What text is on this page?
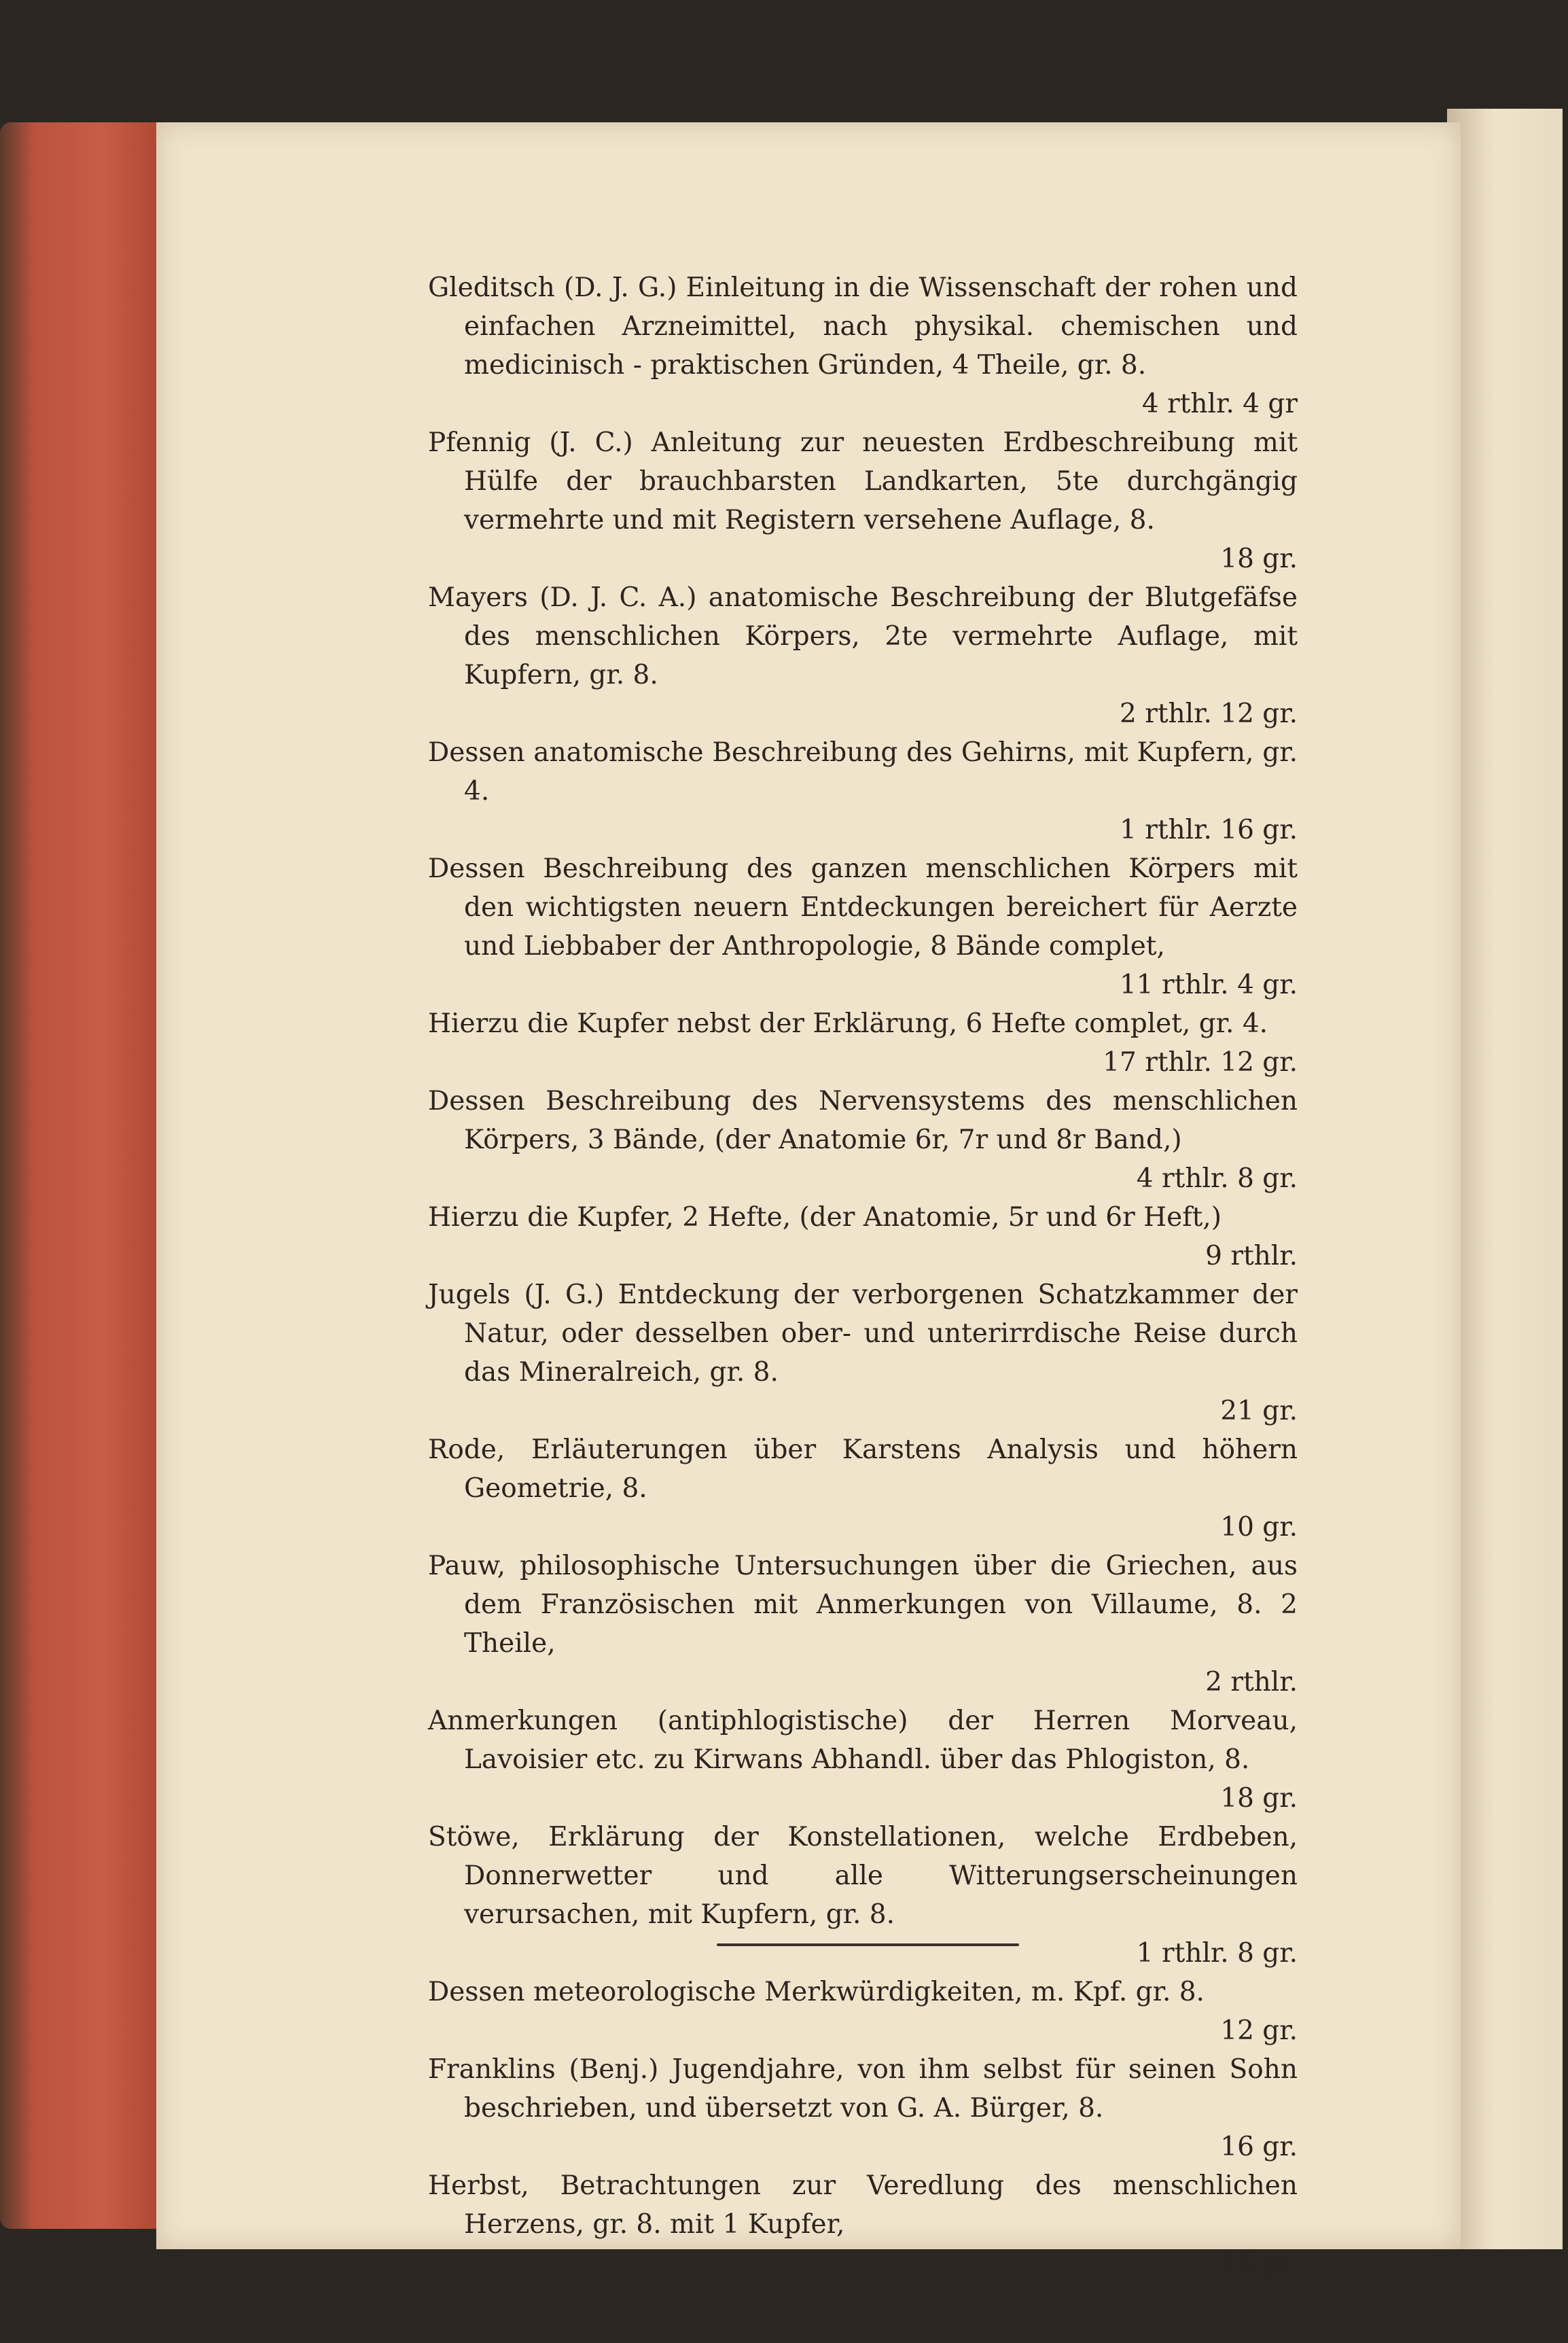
Gleditsch (D. J. G.) Einleitung in die Wissenschaft der rohen und einfachen Arzneimittel, nach physikal. chemischen und medicinisch - praktischen Gründen, 4 Theile, gr. 8.
4 rthlr. 4 gr
Pfennig (J. C.) Anleitung zur neuesten Erdbeschreibung mit Hülfe der brauchbarsten Landkarten, 5te durchgängig vermehrte und mit Registern versehene Auflage, 8.
18 gr.
Mayers (D. J. C. A.) anatomische Beschreibung der Blutgefäfse des menschlichen Körpers, 2te vermehrte Auflage, mit Kupfern, gr. 8.
2 rthlr. 12 gr.
Dessen anatomische Beschreibung des Gehirns, mit Kupfern, gr. 4.
1 rthlr. 16 gr.
Dessen Beschreibung des ganzen menschlichen Körpers mit den wichtigsten neuern Entdeckungen bereichert für Aerzte und Liebbaber der Anthropologie, 8 Bände complet,
11 rthlr. 4 gr.
Hierzu die Kupfer nebst der Erklärung, 6 Hefte complet, gr. 4.
17 rthlr. 12 gr.
Dessen Beschreibung des Nervensystems des menschlichen Körpers, 3 Bände, (der Anatomie 6r, 7r und 8r Band,)
4 rthlr. 8 gr.
Hierzu die Kupfer, 2 Hefte, (der Anatomie, 5r und 6r Heft,)
9 rthlr.
Jugels (J. G.) Entdeckung der verborgenen Schatzkammer der Natur, oder desselben ober- und unterirrdische Reise durch das Mineralreich, gr. 8.
21 gr.
Rode, Erläuterungen über Karstens Analysis und höhern Geometrie, 8.
10 gr.
Pauw, philosophische Untersuchungen über die Griechen, aus dem Französischen mit Anmerkungen von Villaume, 8. 2 Theile,
2 rthlr.
Anmerkungen (antiphlogistische) der Herren Morveau, Lavoisier etc. zu Kirwans Abhandl. über das Phlogiston, 8.
18 gr.
Stöwe, Erklärung der Konstellationen, welche Erdbeben, Donnerwetter und alle Witterungserscheinungen verursachen, mit Kupfern, gr. 8.
1 rthlr. 8 gr.
Dessen meteorologische Merkwürdigkeiten, m. Kpf. gr. 8.
12 gr.
Franklins (Benj.) Jugendjahre, von ihm selbst für seinen Sohn beschrieben, und übersetzt von G. A. Bürger, 8.
16 gr.
Herbst, Betrachtungen zur Veredlung des menschlichen Herzens, gr. 8. mit 1 Kupfer,
15 gr.
